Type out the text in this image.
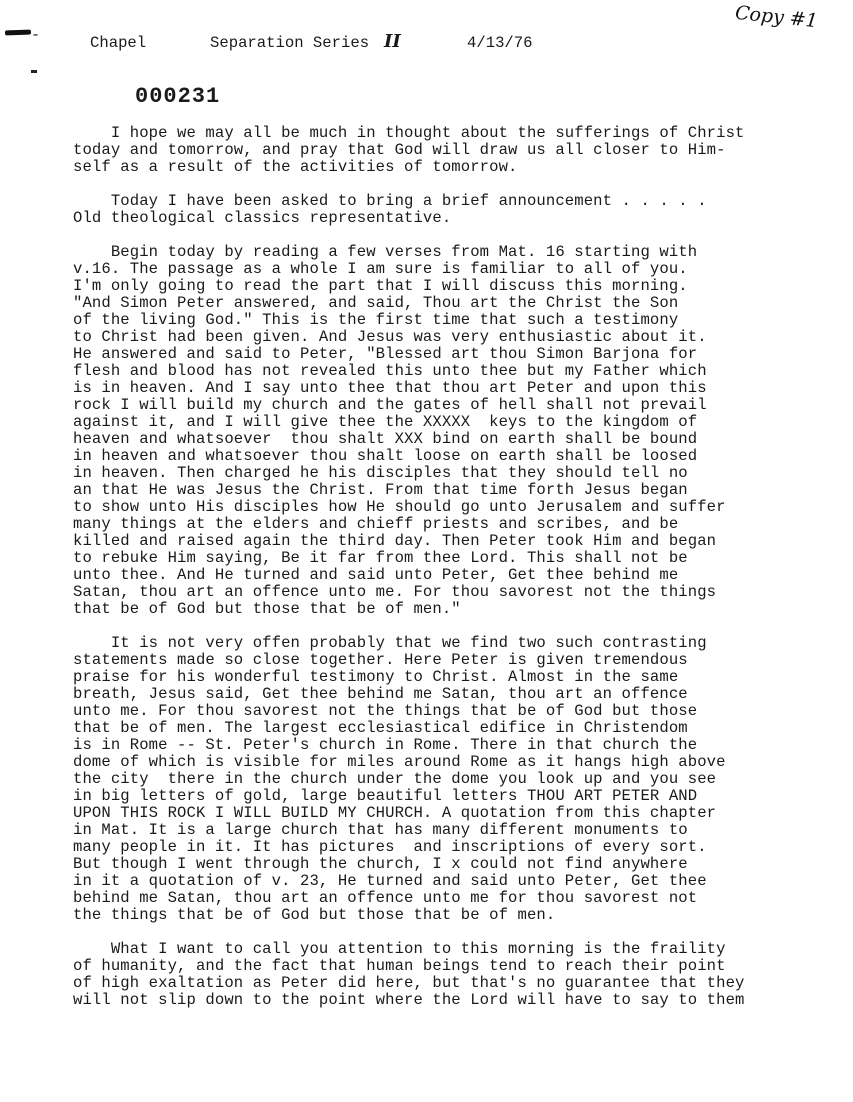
-	Chapel	Separation Series II	4/13/76
Copy #1
000231

I hope we may all be much in thought about the sufferings of Christ

today and tomorrow, and pray that God will draw us all closer to Him-

self as a result of the activities of tomorrow.

Today I have been asked to bring a brief announcement . . . . .

Old theological classics representative.

Begin today by reading a few verses from Mat. 16 starting with

v.16. The passage as a whole I am sure is familiar to all of you.

I'm only going to read the part that I will discuss this morning.

"And Simon Peter answered, and said, Thou art the Christ the Son

of the living God." This is the first time that such a testimony

to Christ had been given. And Jesus was very enthusiastic about it.

He answered and said to Peter, "Blessed art thou Simon Barjona for

flesh and blood has not revealed this unto thee but my Father which

is in heaven. And I say unto thee that thou art Peter and upon this

rock I will build my church and the gates of hell shall not prevail

against it, and I will give thee the XXXXX  keys to the kingdom of

heaven and whatsoever  thou shalt XXX bind on earth shall be bound

in heaven and whatsoever thou shalt loose on earth shall be loosed

in heaven. Then charged he his disciples that they should tell no

an that He was Jesus the Christ. From that time forth Jesus began

to show unto His disciples how He should go unto Jerusalem and suffer

many things at the elders and chieff priests and scribes, and be

killed and raised again the third day. Then Peter took Him and began

to rebuke Him saying, Be it far from thee Lord. This shall not be

unto thee. And He turned and said unto Peter, Get thee behind me

Satan, thou art an offence unto me. For thou savorest not the things

that be of God but those that be of men."

It is not very offen probably that we find two such contrasting

statements made so close together. Here Peter is given tremendous

praise for his wonderful testimony to Christ. Almost in the same

breath, Jesus said, Get thee behind me Satan, thou art an offence

unto me. For thou savorest not the things that be of God but those

that be of men. The largest ecclesiastical edifice in Christendom

is in Rome -- St. Peter's church in Rome. There in that church the

dome of which is visible for miles around Rome as it hangs high above

the city  there in the church under the dome you look up and you see

in big letters of gold, large beautiful letters THOU ART PETER AND

UPON THIS ROCK I WILL BUILD MY CHURCH. A quotation from this chapter

in Mat. It is a large church that has many different monuments to

many people in it. It has pictures  and inscriptions of every sort.

But though I went through the church, I x could not find anywhere

in it a quotation of v. 23, He turned and said unto Peter, Get thee

behind me Satan, thou art an offence unto me for thou savorest not

the things that be of God but those that be of men.

What I want to call you attention to this morning is the fraility

of humanity, and the fact that human beings tend to reach their point

of high exaltation as Peter did here, but that's no guarantee that they

will not slip down to the point where the Lord will have to say to them
